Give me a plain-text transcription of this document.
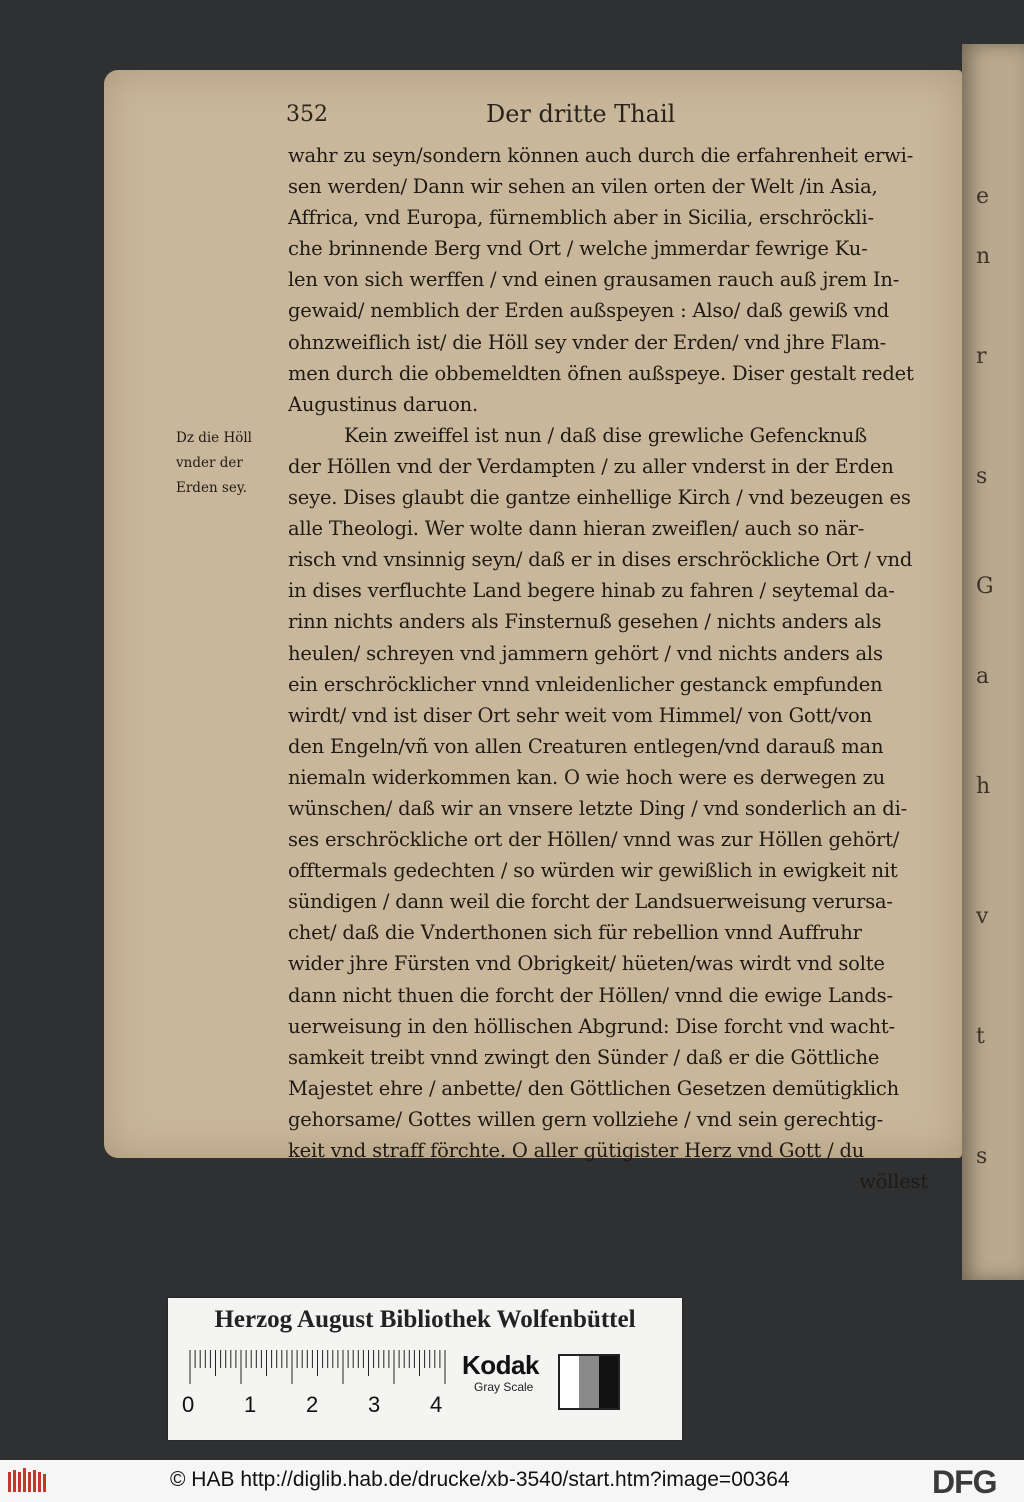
e
n
r
s
G
a
h
v
t
s
352	Der dritte Thail
Dz die Höll
vnder der
Erden sey.
wahr zu seyn/sondern können auch durch die erfahrenheit erwi-
sen werden/ Dann wir sehen an vilen orten der Welt /in Asia,
Affrica, vnd Europa, fürnemblich aber in Sicilia, erschröckli-
che brinnende Berg vnd Ort / welche jmmerdar fewrige Ku-
len von sich werffen / vnd einen grausamen rauch auß jrem In-
gewaid/ nemblich der Erden außspeyen : Also/ daß gewiß vnd
ohnzweiflich ist/ die Höll sey vnder der Erden/ vnd jhre Flam-
men durch die obbemeldten öfnen außspeye. Diser gestalt redet
Augustinus daruon.
Kein zweiffel ist nun / daß dise grewliche Gefencknuß
der Höllen vnd der Verdampten / zu aller vnderst in der Erden
seye. Dises glaubt die gantze einhellige Kirch / vnd bezeugen es
alle Theologi. Wer wolte dann hieran zweiflen/ auch so när-
risch vnd vnsinnig seyn/ daß er in dises erschröckliche Ort / vnd
in dises verfluchte Land begere hinab zu fahren / seytemal da-
rinn nichts anders als Finsternuß gesehen / nichts anders als
heulen/ schreyen vnd jammern gehört / vnd nichts anders als
ein erschröcklicher vnnd vnleidenlicher gestanck empfunden
wirdt/ vnd ist diser Ort sehr weit vom Himmel/ von Gott/von
den Engeln/vñ von allen Creaturen entlegen/vnd darauß man
niemaln widerkommen kan. O wie hoch were es derwegen zu
wünschen/ daß wir an vnsere letzte Ding / vnd sonderlich an di-
ses erschröckliche ort der Höllen/ vnnd was zur Höllen gehört/
offtermals gedechten / so würden wir gewißlich in ewigkeit nit
sündigen / dann weil die forcht der Landsuerweisung verursa-
chet/ daß die Vnderthonen sich für rebellion vnnd Auffruhr
wider jhre Fürsten vnd Obrigkeit/ hüeten/was wirdt vnd solte
dann nicht thuen die forcht der Höllen/ vnnd die ewige Lands-
uerweisung in den höllischen Abgrund: Dise forcht vnd wacht-
samkeit treibt vnnd zwingt den Sünder / daß er die Göttliche
Majestet ehre / anbette/ den Göttlichen Gesetzen demütigklich
gehorsame/ Gottes willen gern vollziehe / vnd sein gerechtig-
keit vnd straff förchte. O aller gütigister Herz vnd Gott / du
wöllest
Herzog August Bibliothek Wolfenbüttel
0 1 2 3 4
Kodak
Gray Scale
© HAB http://diglib.hab.de/drucke/xb-3540/start.htm?image=00364	DFG
